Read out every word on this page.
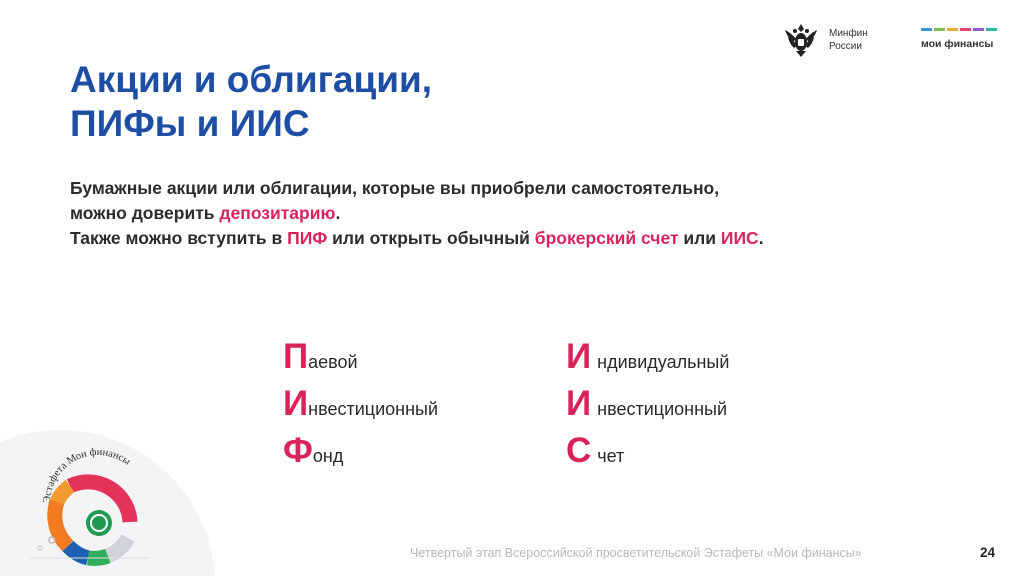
Минфин
России	мои финансы
Акции и облигации,
ПИФы и ИИС

Бумажные акции или облигации, которые вы приобрели самостоятельно,

можно доверить депозитарию.

Также можно вступить в ПИФ или открыть обычный брокерский счет или ИИС.

П аевой
И нвестиционный
Ф онд
И ндивидуальный
И нвестиционный
С чет
Эстафета Мои финансы
Четвертый этап Всероссийской просветительской Эстафеты «Мои финансы»	24
